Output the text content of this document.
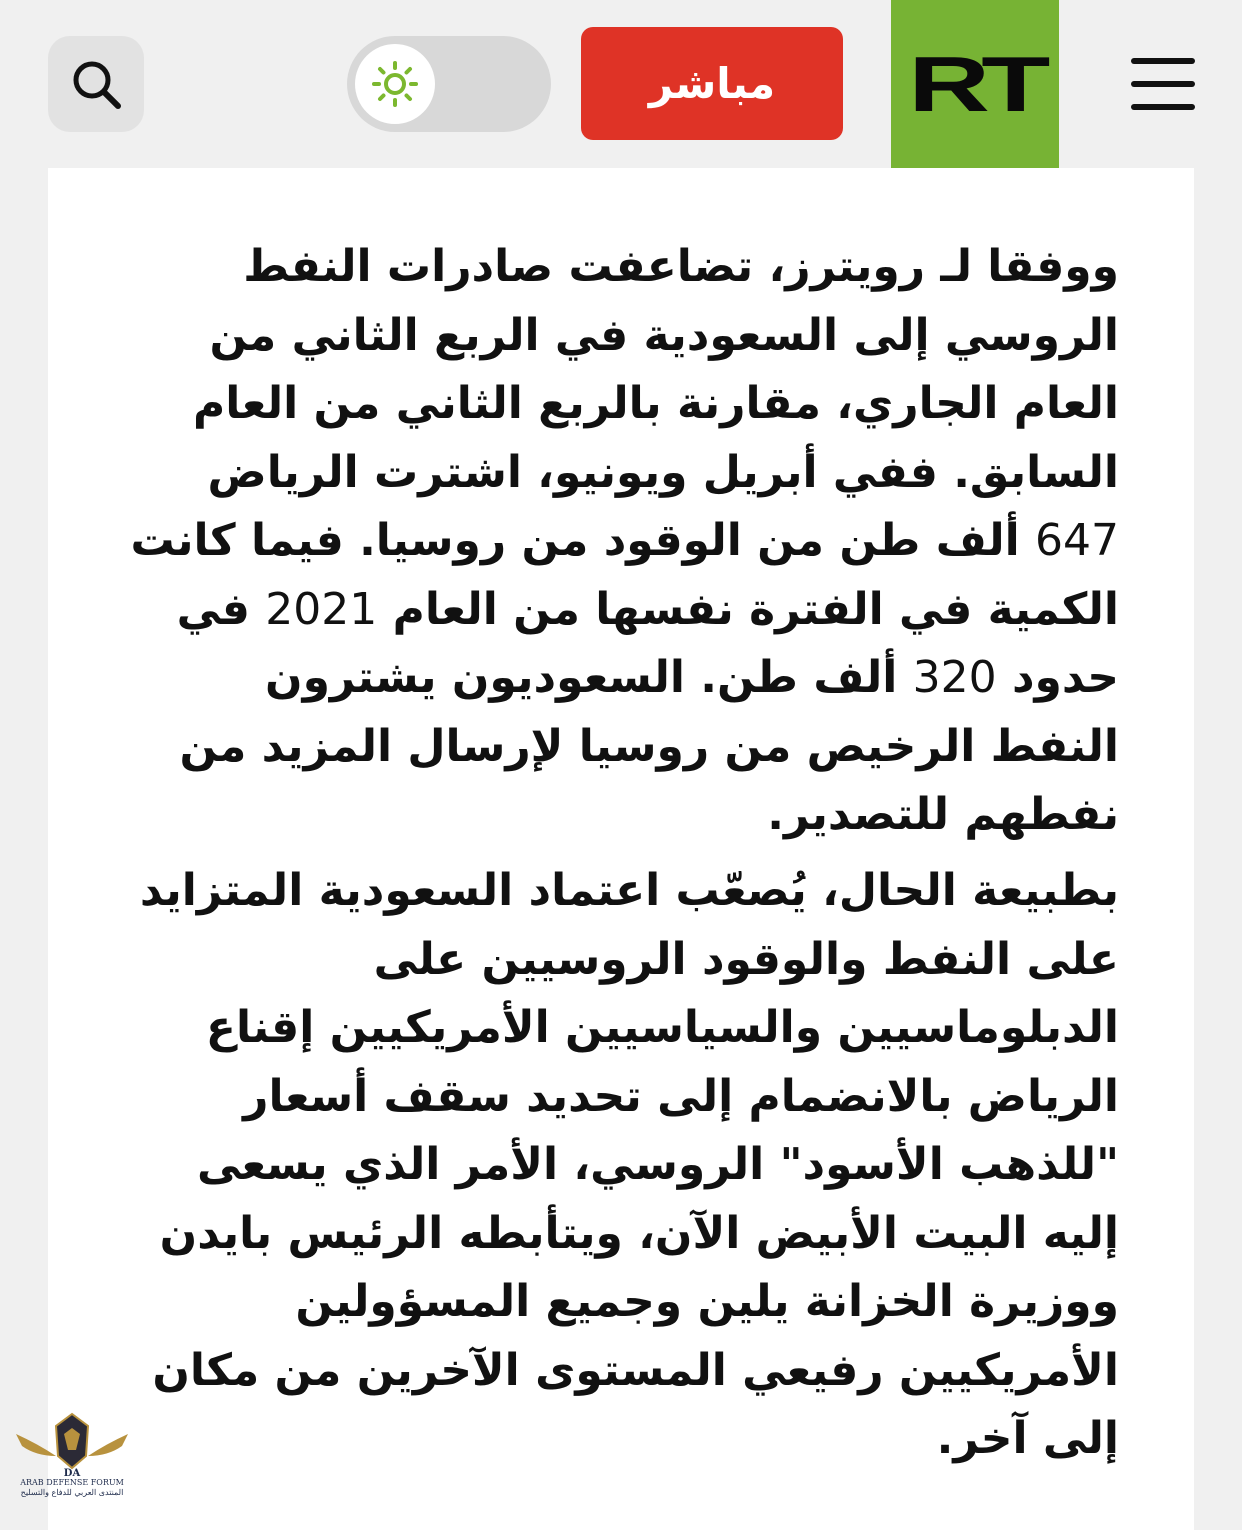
مباشر RT
ووفقا لـ رويترز، تضاعفت صادرات النفط الروسي إلى السعودية في الربع الثاني من العام الجاري، مقارنة بالربع الثاني من العام السابق. ففي أبريل ويونيو، اشترت الرياض 647 ألف طن من الوقود من روسيا. فيما كانت الكمية في الفترة نفسها من العام 2021 في حدود 320 ألف طن. السعوديون يشترون النفط الرخيص من روسيا لإرسال المزيد من نفطهم للتصدير.
بطبيعة الحال، يُصعّب اعتماد السعودية المتزايد على النفط والوقود الروسيين على الدبلوماسيين والسياسيين الأمريكيين إقناع الرياض بالانضمام إلى تحديد سقف أسعار "للذهب الأسود" الروسي، الأمر الذي يسعى إليه البيت الأبيض الآن، ويتأبطه الرئيس بايدن ووزيرة الخزانة يلين وجميع المسؤولين الأمريكيين رفيعي المستوى الآخرين من مكان إلى آخر.
DA
ARAB DEFENSE FORUM
المنتدى العربي للدفاع والتسليح
